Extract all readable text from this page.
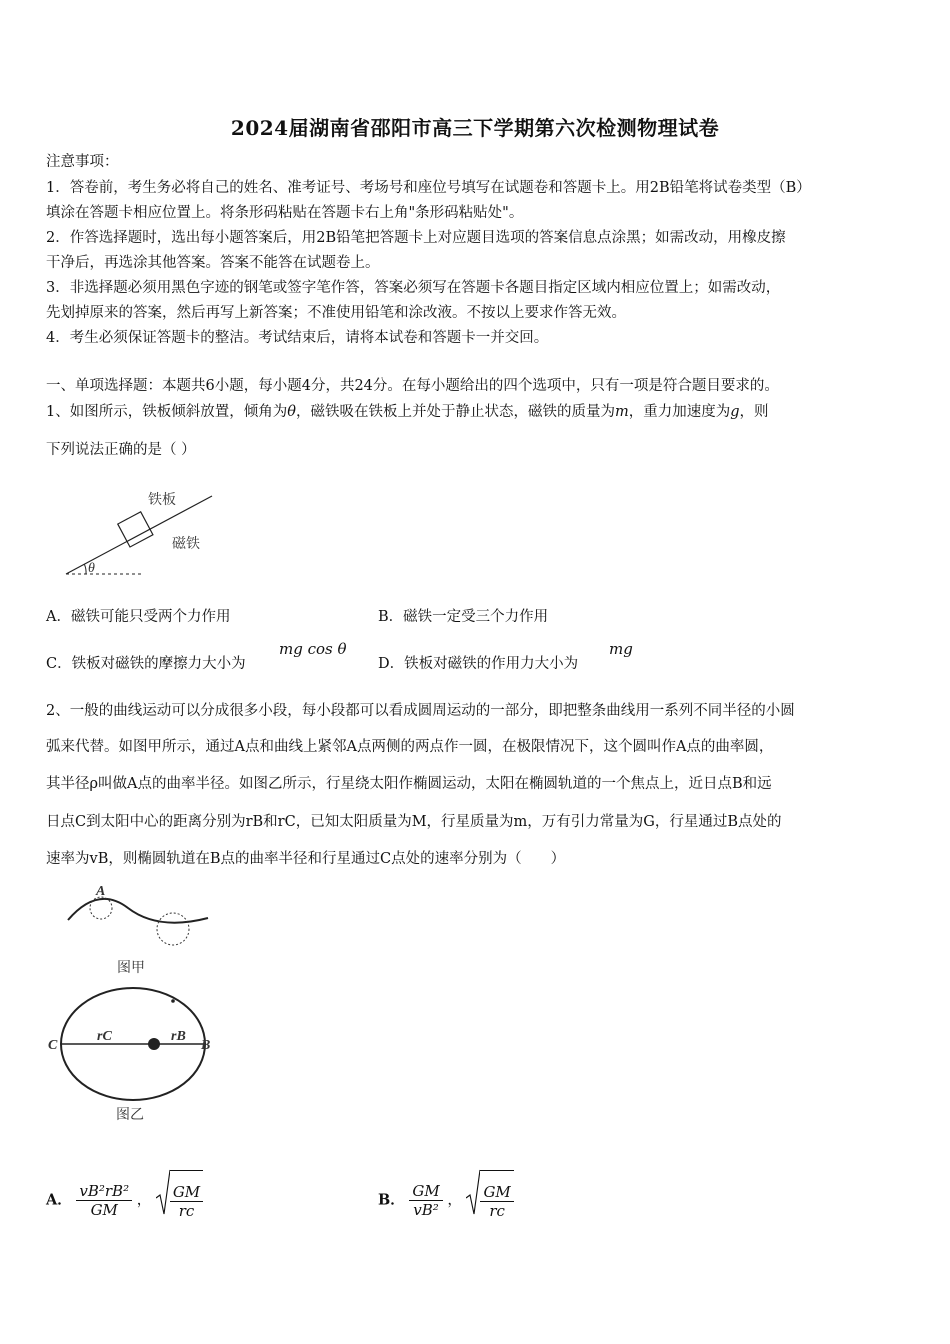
2024届湖南省邵阳市高三下学期第六次检测物理试卷
注意事项：
1．答卷前，考生务必将自己的姓名、准考证号、考场号和座位号填写在试题卷和答题卡上。用2B铅笔将试卷类型（B）
填涂在答题卡相应位置上。将条形码粘贴在答题卡右上角"条形码粘贴处"。
2．作答选择题时，选出每小题答案后，用2B铅笔把答题卡上对应题目选项的答案信息点涂黑；如需改动，用橡皮擦
干净后，再选涂其他答案。答案不能答在试题卷上。
3．非选择题必须用黑色字迹的钢笔或签字笔作答，答案必须写在答题卡各题目指定区域内相应位置上；如需改动，
先划掉原来的答案，然后再写上新答案；不准使用铅笔和涂改液。不按以上要求作答无效。
4．考生必须保证答题卡的整洁。考试结束后，请将本试卷和答题卡一并交回。
一、单项选择题：本题共6小题，每小题4分，共24分。在每小题给出的四个选项中，只有一项是符合题目要求的。
1、如图所示，铁板倾斜放置，倾角为θ，磁铁吸在铁板上并处于静止状态，磁铁的质量为m，重力加速度为g，则
下列说法正确的是（ ）
铁板
磁铁
θ
A．磁铁可能只受两个力作用	B．磁铁一定受三个力作用
C．铁板对磁铁的摩擦力大小为
mg cos θ
D．铁板对磁铁的作用力大小为
mg
2、一般的曲线运动可以分成很多小段，每小段都可以看成圆周运动的一部分，即把整条曲线用一系列不同半径的小圆
弧来代替。如图甲所示，通过A点和曲线上紧邻A点两侧的两点作一圆，在极限情况下，这个圆叫作A点的曲率圆，
其半径ρ叫做A点的曲率半径。如图乙所示，行星绕太阳作椭圆运动，太阳在椭圆轨道的一个焦点上，近日点B和远
日点C到太阳中心的距离分别为rB和rC，已知太阳质量为M，行星质量为m，万有引力常量为G，行星通过B点处的
速率为vB，则椭圆轨道在B点的曲率半径和行星通过C点处的速率分别为（　　）
A
图甲
C	B
rC	rB
图乙
A． $\frac{\text{vB²rB²}}{GM}$ ， $\frac{GM}{rc}$	B． $\frac{GM}{\text{vB²}}$ ， $\frac{GM}{rc}$
